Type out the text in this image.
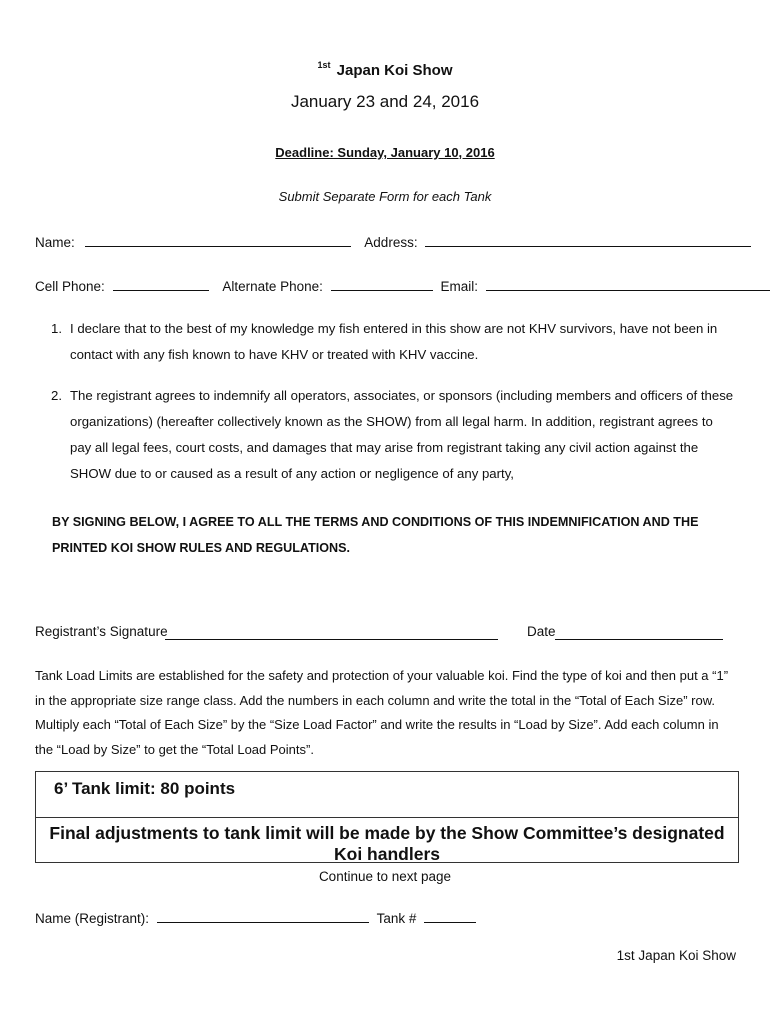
$^{1st}$ Japan Koi Show
January 23 and 24, 2016
Deadline: Sunday, January 10, 2016
Submit Separate Form for each Tank
Name:	Address:
Cell Phone:	Alternate Phone:	Email:
1. I declare that to the best of my knowledge my fish entered in this show are not KHV survivors, have not been in contact with any fish known to have KHV or treated with KHV vaccine.
2. The registrant agrees to indemnify all operators, associates, or sponsors (including members and officers of these organizations) (hereafter collectively known as the SHOW) from all legal harm. In addition, registrant agrees to pay all legal fees, court costs, and damages that may arise from registrant taking any civil action against the SHOW due to or caused as a result of any action or negligence of any party,
BY SIGNING BELOW, I AGREE TO ALL THE TERMS AND CONDITIONS OF THIS INDEMNIFICATION AND THE PRINTED KOI SHOW RULES AND REGULATIONS.
Registrant’s Signature	Date
Tank Load Limits are established for the safety and protection of your valuable koi. Find the type of koi and then put a “1” in the appropriate size range class. Add the numbers in each column and write the total in the “Total of Each Size” row. Multiply each “Total of Each Size” by the “Size Load Factor” and write the results in “Load by Size”. Add each column in the “Load by Size” to get the “Total Load Points”.
6’ Tank limit: 80 points
Final adjustments to tank limit will be made by the Show Committee’s designated Koi handlers
Continue to next page
Name (Registrant):	Tank #
1st Japan Koi Show
